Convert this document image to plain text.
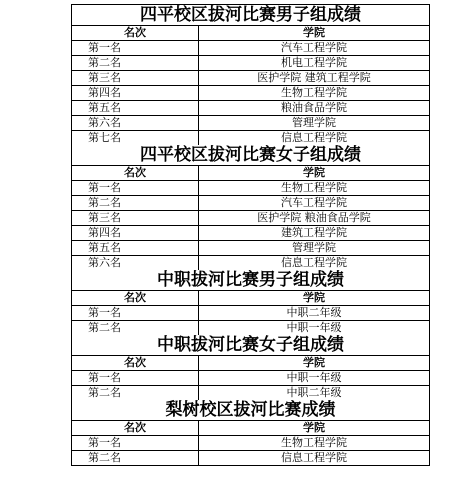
四平校区拔河比赛男子组成绩
名次	学院
第一名	汽车工程学院
第二名	机电工程学院
第三名	医护学院 建筑工程学院
第四名	生物工程学院
第五名	粮油食品学院
第六名	管理学院
第七名	信息工程学院
四平校区拔河比赛女子组成绩
名次	学院
第一名	生物工程学院
第二名	汽车工程学院
第三名	医护学院 粮油食品学院
第四名	建筑工程学院
第五名	管理学院
第六名	信息工程学院
中职拔河比赛男子组成绩
名次	学院
第一名	中职二年级
第二名	中职一年级
中职拔河比赛女子组成绩
名次	学院
第一名	中职一年级
第二名	中职二年级
梨树校区拔河比赛成绩
名次	学院
第一名	生物工程学院
第二名	信息工程学院
